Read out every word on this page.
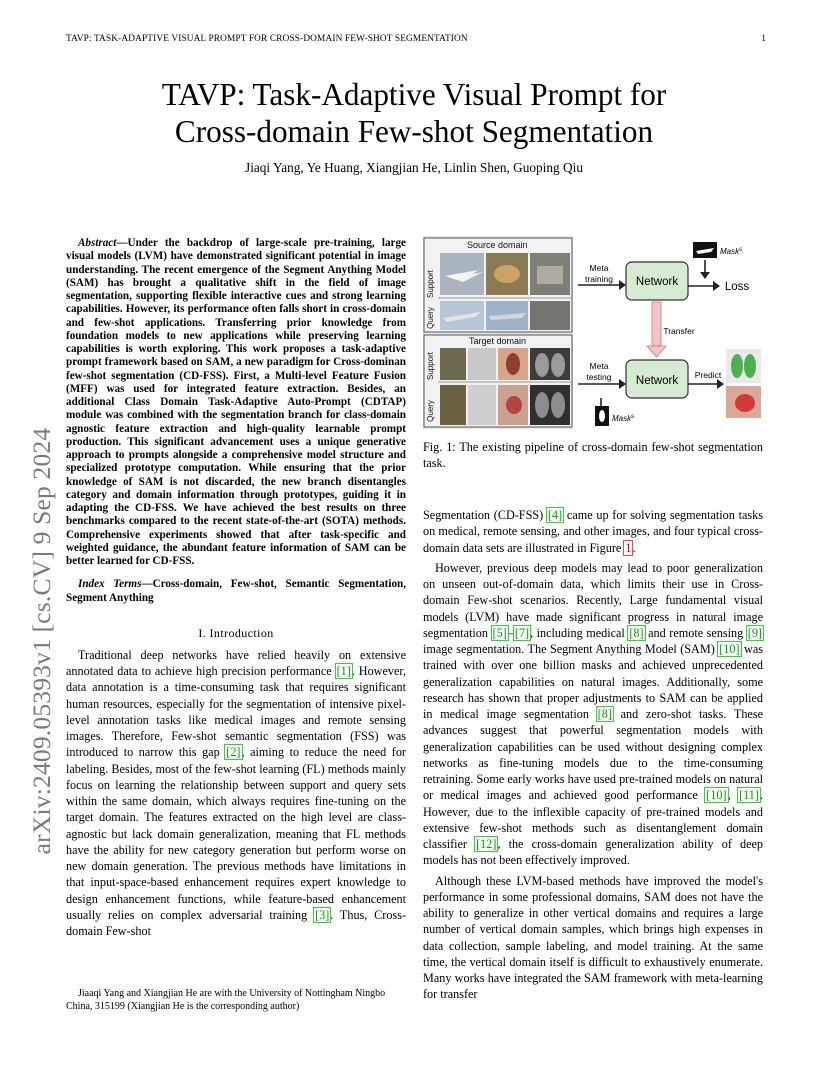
TAVP: TASK-ADAPTIVE VISUAL PROMPT FOR CROSS-DOMAIN FEW-SHOT SEGMENTATION	1
arXiv:2409.05393v1 [cs.CV] 9 Sep 2024
TAVP: Task-Adaptive Visual Prompt for
Cross-domain Few-shot Segmentation
Jiaqi Yang, Ye Huang, Xiangjian He, Linlin Shen, Guoping Qiu

Abstract—Under the backdrop of large-scale pre-training, large visual models (LVM) have demonstrated significant potential in image understanding. The recent emergence of the Segment Anything Model (SAM) has brought a qualitative shift in the field of image segmentation, supporting flexible interactive cues and strong learning capabilities. However, its performance often falls short in cross-domain and few-shot applications. Transferring prior knowledge from foundation models to new applications while preserving learning capabilities is worth exploring. This work proposes a task-adaptive prompt framework based on SAM, a new paradigm for Cross-dominan few-shot segmentation (CD-FSS). First, a Multi-level Feature Fusion (MFF) was used for integrated feature extraction. Besides, an additional Class Domain Task-Adaptive Auto-Prompt (CDTAP) module was combined with the segmentation branch for class-domain agnostic feature extraction and high-quality learnable prompt production. This significant advancement uses a unique generative approach to prompts alongside a comprehensive model structure and specialized prototype computation. While ensuring that the prior knowledge of SAM is not discarded, the new branch disentangles category and domain information through prototypes, guiding it in adapting the CD-FSS. We have achieved the best results on three benchmarks compared to the recent state-of-the-art (SOTA) methods. Comprehensive experiments showed that after task-specific and weighted guidance, the abundant feature information of SAM can be better learned for CD-FSS.

Index Terms—Cross-domain, Few-shot, Semantic Segmentation, Segment Anything

I. Introduction

Traditional deep networks have relied heavily on extensive annotated data to achieve high precision performance [1]. However, data annotation is a time-consuming task that requires significant human resources, especially for the segmentation of intensive pixel-level annotation tasks like medical images and remote sensing images. Therefore, Few-shot semantic segmentation (FSS) was introduced to narrow this gap [2], aiming to reduce the need for labeling. Besides, most of the few-shot learning (FL) methods mainly focus on learning the relationship between support and query sets within the same domain, which always requires fine-tuning on the target domain. The features extracted on the high level are class-agnostic but lack domain generalization, meaning that FL methods have the ability for new category generation but perform worse on new domain generation. The previous methods have limitations in that input-space-based enhancement requires expert knowledge to design enhancement functions, while feature-based enhancement usually relies on complex adversarial training [3]. Thus, Cross-domain Few-shot

Jiaaqi Yang and Xiangjian He are with the University of Nottingham Ningbo China, 315199 (Xiangjian He is the corresponding author)
Source domain
Support
Query
Target domain
Support
Query
Meta
training Network	Loss
Mask$^s$
Transfer
Meta
testing Network Predict
Mask$^s$
Fig. 1: The existing pipeline of cross-domain few-shot segmentation task.

Segmentation (CD-FSS) [4] came up for solving segmentation tasks on medical, remote sensing, and other images, and four typical cross-domain data sets are illustrated in Figure 1.

However, previous deep models may lead to poor generalization on unseen out-of-domain data, which limits their use in Cross-domain Few-shot scenarios. Recently, Large fundamental visual models (LVM) have made significant progress in natural image segmentation [5]–[7], including medical [8] and remote sensing [9] image segmentation. The Segment Anything Model (SAM) [10] was trained with over one billion masks and achieved unprecedented generalization capabilities on natural images. Additionally, some research has shown that proper adjustments to SAM can be applied in medical image segmentation [8] and zero-shot tasks. These advances suggest that powerful segmentation models with generalization capabilities can be used without designing complex networks as fine-tuning models due to the time-consuming retraining. Some early works have used pre-trained models on natural or medical images and achieved good performance [10], [11]. However, due to the inflexible capacity of pre-trained models and extensive few-shot methods such as disentanglement domain classifier [12], the cross-domain generalization ability of deep models has not been effectively improved.

Although these LVM-based methods have improved the model's performance in some professional domains, SAM does not have the ability to generalize in other vertical domains and requires a large number of vertical domain samples, which brings high expenses in data collection, sample labeling, and model training. At the same time, the vertical domain itself is difficult to exhaustively enumerate. Many works have integrated the SAM framework with meta-learning for transfer
